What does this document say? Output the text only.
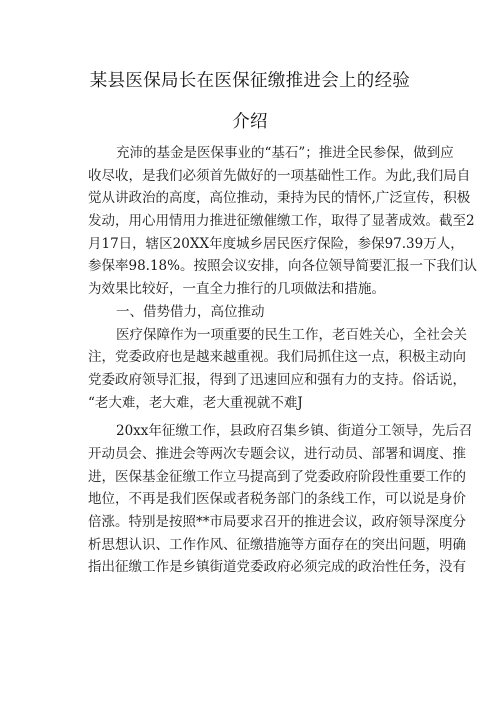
某县医保局长在医保征缴推进会上的经验
介绍
充沛的基金是医保事业的“基石”；推进全民参保，做到应
收尽收，是我们必须首先做好的一项基础性工作。为此,我们局自
觉从讲政治的高度，高位推动，秉持为民的情怀,广泛宣传，积极
发动，用心用情用力推进征缴催缴工作，取得了显著成效。截至2
月17日，辖区20XX年度城乡居民医疗保险，参保97.39万人，
参保率98.18%。按照会议安排，向各位领导简要汇报一下我们认
为效果比较好，一直全力推行的几项做法和措施。
一、借势借力，高位推动
医疗保障作为一项重要的民生工作，老百姓关心，全社会关
注，党委政府也是越来越重视。我们局抓住这一点，积极主动向
党委政府领导汇报，得到了迅速回应和强有力的支持。俗话说，
“老大难，老大难，老大重视就不难J
20xx年征缴工作，县政府召集乡镇、街道分工领导，先后召
开动员会、推进会等两次专题会议，进行动员、部署和调度、推
进，医保基金征缴工作立马提高到了党委政府阶段性重要工作的
地位，不再是我们医保或者税务部门的条线工作，可以说是身价
倍涨。特别是按照**市局要求召开的推进会议，政府领导深度分
析思想认识、工作作风、征缴措施等方面存在的突出问题，明确
指出征缴工作是乡镇街道党委政府必须完成的政治性任务，没有
